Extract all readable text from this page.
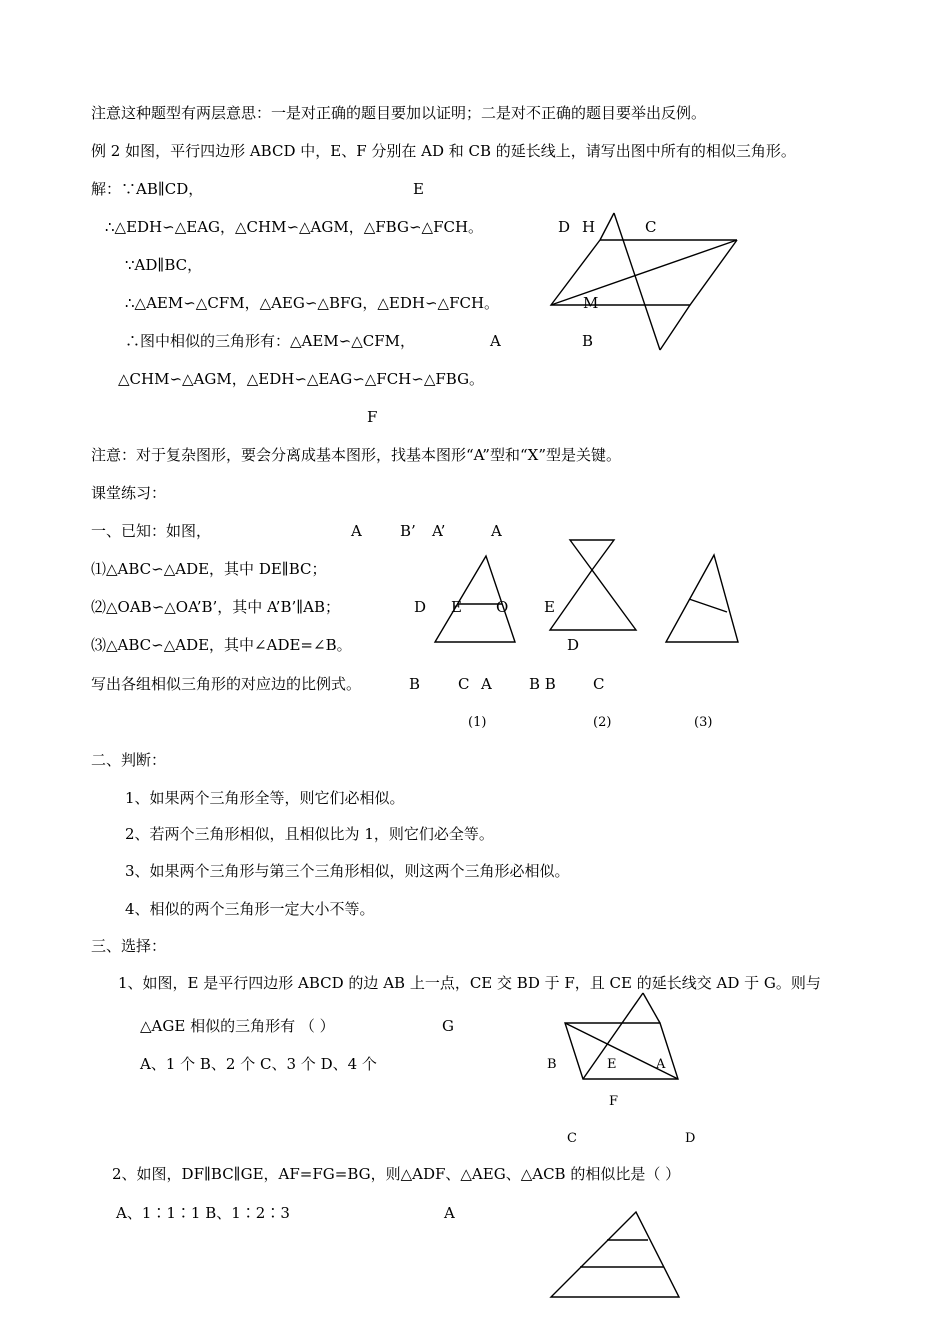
注意这种题型有两层意思：一是对正确的题目要加以证明；二是对不正确的题目要举出反例。
例 2 如图，平行四边形 ABCD 中，E、F 分别在 AD 和 CB 的延长线上，请写出图中所有的相似三角形。
解：∵AB∥CD，
∴△EDH∽△EAG，△CHM∽△AGM，△FBG∽△FCH。
∵AD∥BC，
∴△AEM∽△CFM，△AEG∽△BFG，△EDH∽△FCH。
∴图中相似的三角形有：△AEM∽△CFM，
△CHM∽△AGM，△EDH∽△EAG∽△FCH∽△FBG。
E
D H	C
M
A	B
F
注意：对于复杂图形，要会分离成基本图形，找基本图形“A”型和“X”型是关键。
课堂练习：
一、已知：如图，
⑴△ABC∽△ADE，其中 DE∥BC；
⑵△OAB∽△OA’B’，其中 A’B’∥AB；
⑶△ABC∽△ADE，其中∠ADE=∠B。
写出各组相似三角形的对应边的比例式。
A	B’ A’	A
D E O E
D
B	C A B B C
(1)	(2)	(3)
二、判断：
1、如果两个三角形全等，则它们必相似。
2、若两个三角形相似，且相似比为 1，则它们必全等。
3、如果两个三角形与第三个三角形相似，则这两个三角形必相似。
4、相似的两个三角形一定大小不等。
三、选择：
1、如图，E 是平行四边形 ABCD 的边 AB 上一点，CE 交 BD 于 F，且 CE 的延长线交 AD 于 G。则与
△AGE 相似的三角形有 （ ）
A、1 个 B、2 个 C、3 个 D、4 个
G
B	E	A
F
C	D
2、如图，DF∥BC∥GE，AF=FG=BG，则△ADF、△AEG、△ACB 的相似比是（ ）
A、1∶1∶1 B、1∶2∶3	A
